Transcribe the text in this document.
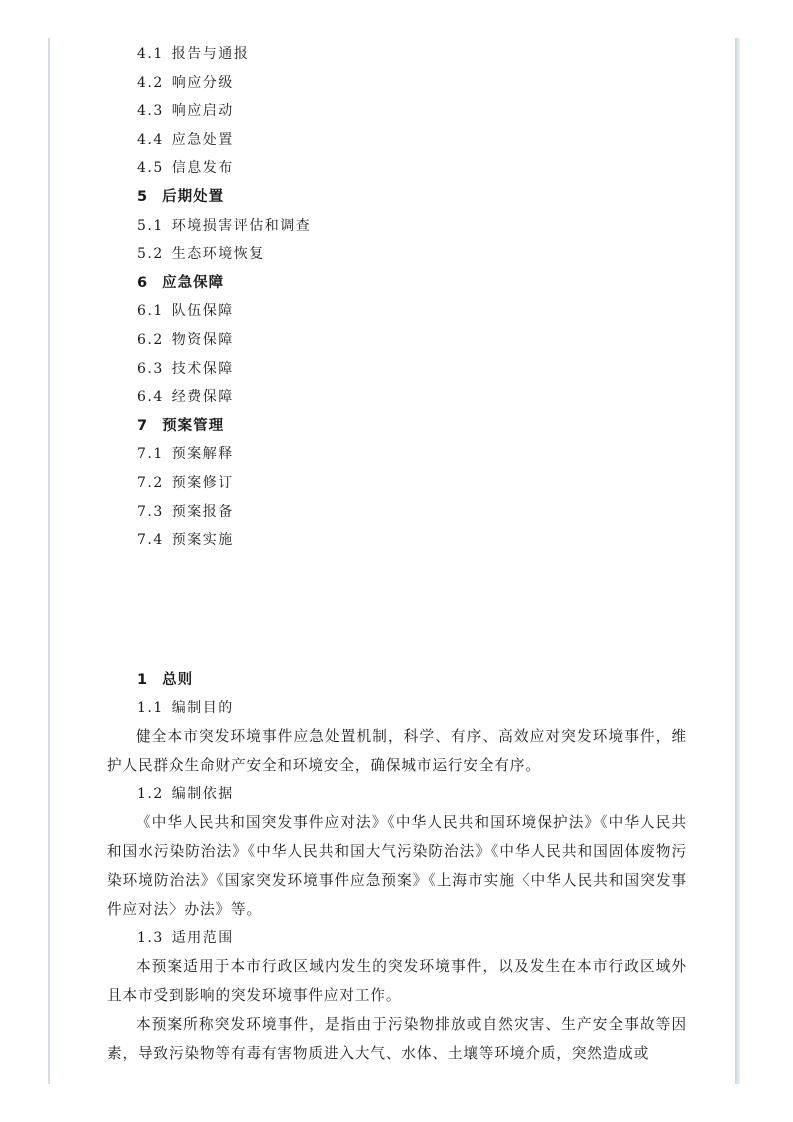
4.1 报告与通报
4.2 响应分级
4.3 响应启动
4.4 应急处置
4.5 信息发布
5 后期处置
5.1 环境损害评估和调查
5.2 生态环境恢复
6 应急保障
6.1 队伍保障
6.2 物资保障
6.3 技术保障
6.4 经费保障
7 预案管理
7.1 预案解释
7.2 预案修订
7.3 预案报备
7.4 预案实施
1 总则
1.1 编制目的

健全本市突发环境事件应急处置机制，科学、有序、高效应对突发环境事件，维护人民群众生命财产安全和环境安全，确保城市运行安全有序。

1.2 编制依据

《中华人民共和国突发事件应对法》《中华人民共和国环境保护法》《中华人民共和国水污染防治法》《中华人民共和国大气污染防治法》《中华人民共和国固体废物污染环境防治法》《国家突发环境事件应急预案》《上海市实施〈中华人民共和国突发事件应对法〉办法》等。

1.3 适用范围

本预案适用于本市行政区域内发生的突发环境事件，以及发生在本市行政区域外且本市受到影响的突发环境事件应对工作。

本预案所称突发环境事件，是指由于污染物排放或自然灾害、生产安全事故等因素，导致污染物等有毒有害物质进入大气、水体、土壤等环境介质，突然造成或
